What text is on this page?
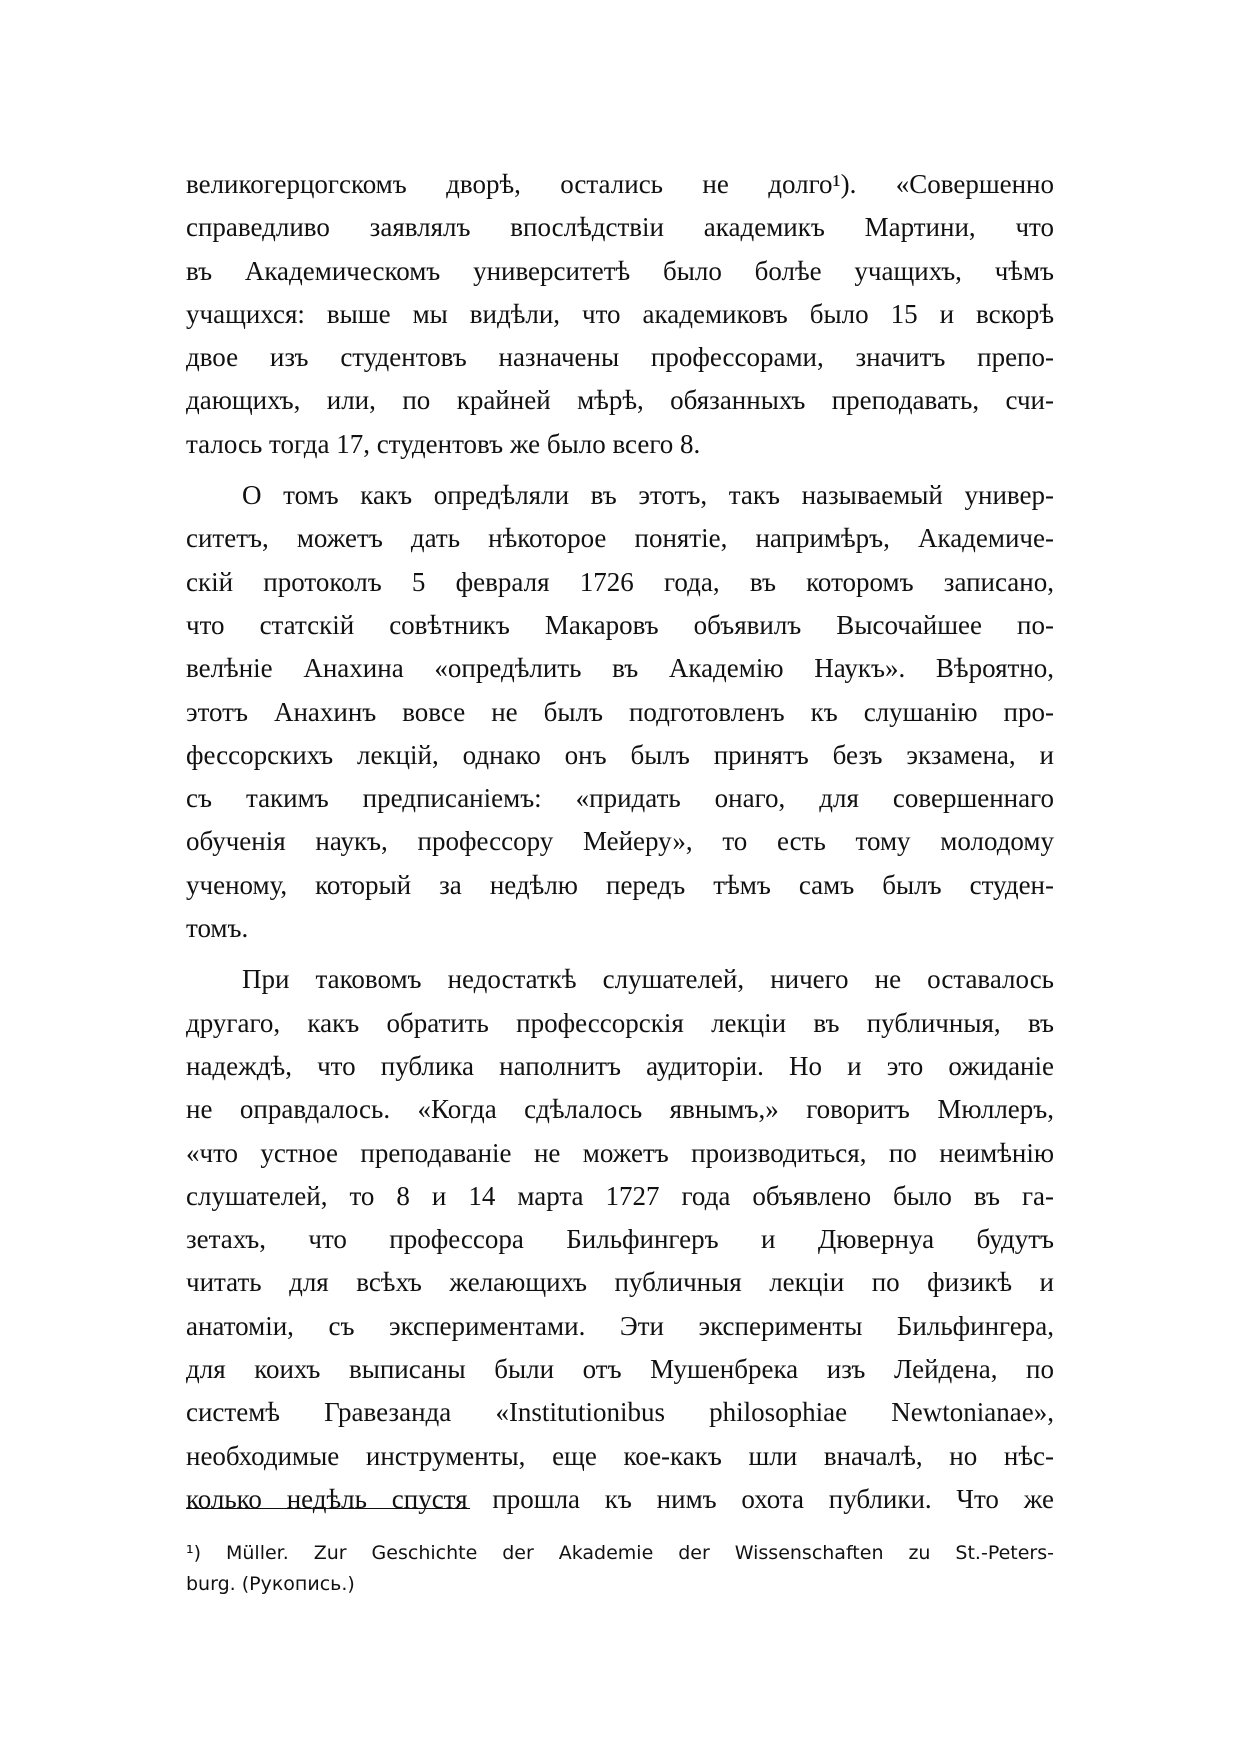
великогерцогскомъ дворѣ, остались не долго¹). «Совершенно
справедливо заявлялъ впослѣдствіи академикъ Мартини, что
въ Академическомъ университетѣ было болѣе учащихъ, чѣмъ
учащихся: выше мы видѣли, что академиковъ было 15 и вскорѣ
двое изъ студентовъ назначены профессорами, значитъ препо-
дающихъ, или, по крайней мѣрѣ, обязанныхъ преподавать, счи-
талось тогда 17, студентовъ же было всего 8.
О томъ какъ опредѣляли въ этотъ, такъ называемый универ-
ситетъ, можетъ дать нѣкоторое понятіе, напримѣръ, Академиче-
скій протоколъ 5 февраля 1726 года, въ которомъ записано,
что статскій совѣтникъ Макаровъ объявилъ Высочайшее по-
велѣніе Анахина «опредѣлить въ Академію Наукъ». Вѣроятно,
этотъ Анахинъ вовсе не былъ подготовленъ къ слушанію про-
фессорскихъ лекцій, однако онъ былъ принятъ безъ экзамена, и
съ такимъ предписаніемъ: «придать онаго, для совершеннаго
обученія наукъ, профессору Мейеру», то есть тому молодому
ученому, который за недѣлю передъ тѣмъ самъ былъ студен-
томъ.
При таковомъ недостаткѣ слушателей, ничего не оставалось
другаго, какъ обратить профессорскія лекціи въ публичныя, въ
надеждѣ, что публика наполнитъ аудиторіи. Но и это ожиданіе
не оправдалось. «Когда сдѣлалось явнымъ,» говоритъ Мюллеръ,
«что устное преподаваніе не можетъ производиться, по неимѣнію
слушателей, то 8 и 14 марта 1727 года объявлено было въ га-
зетахъ, что профессора Бильфингеръ и Дювернуа будутъ
читать для всѣхъ желающихъ публичныя лекціи по физикѣ и
анатоміи, съ экспериментами. Эти эксперименты Бильфингера,
для коихъ выписаны были отъ Мушенбрека изъ Лейдена, по
системѣ Гравезанда «Institutionibus philosophiae Newtonianae»,
необходимые инструменты, еще кое-какъ шли вначалѣ, но нѣс-
колько недѣль спустя прошла къ нимъ охота публики. Что же
¹) Müller. Zur Geschichte der Akademie der Wissenschaften zu St.-Peters-
burg. (Рукопись.)
